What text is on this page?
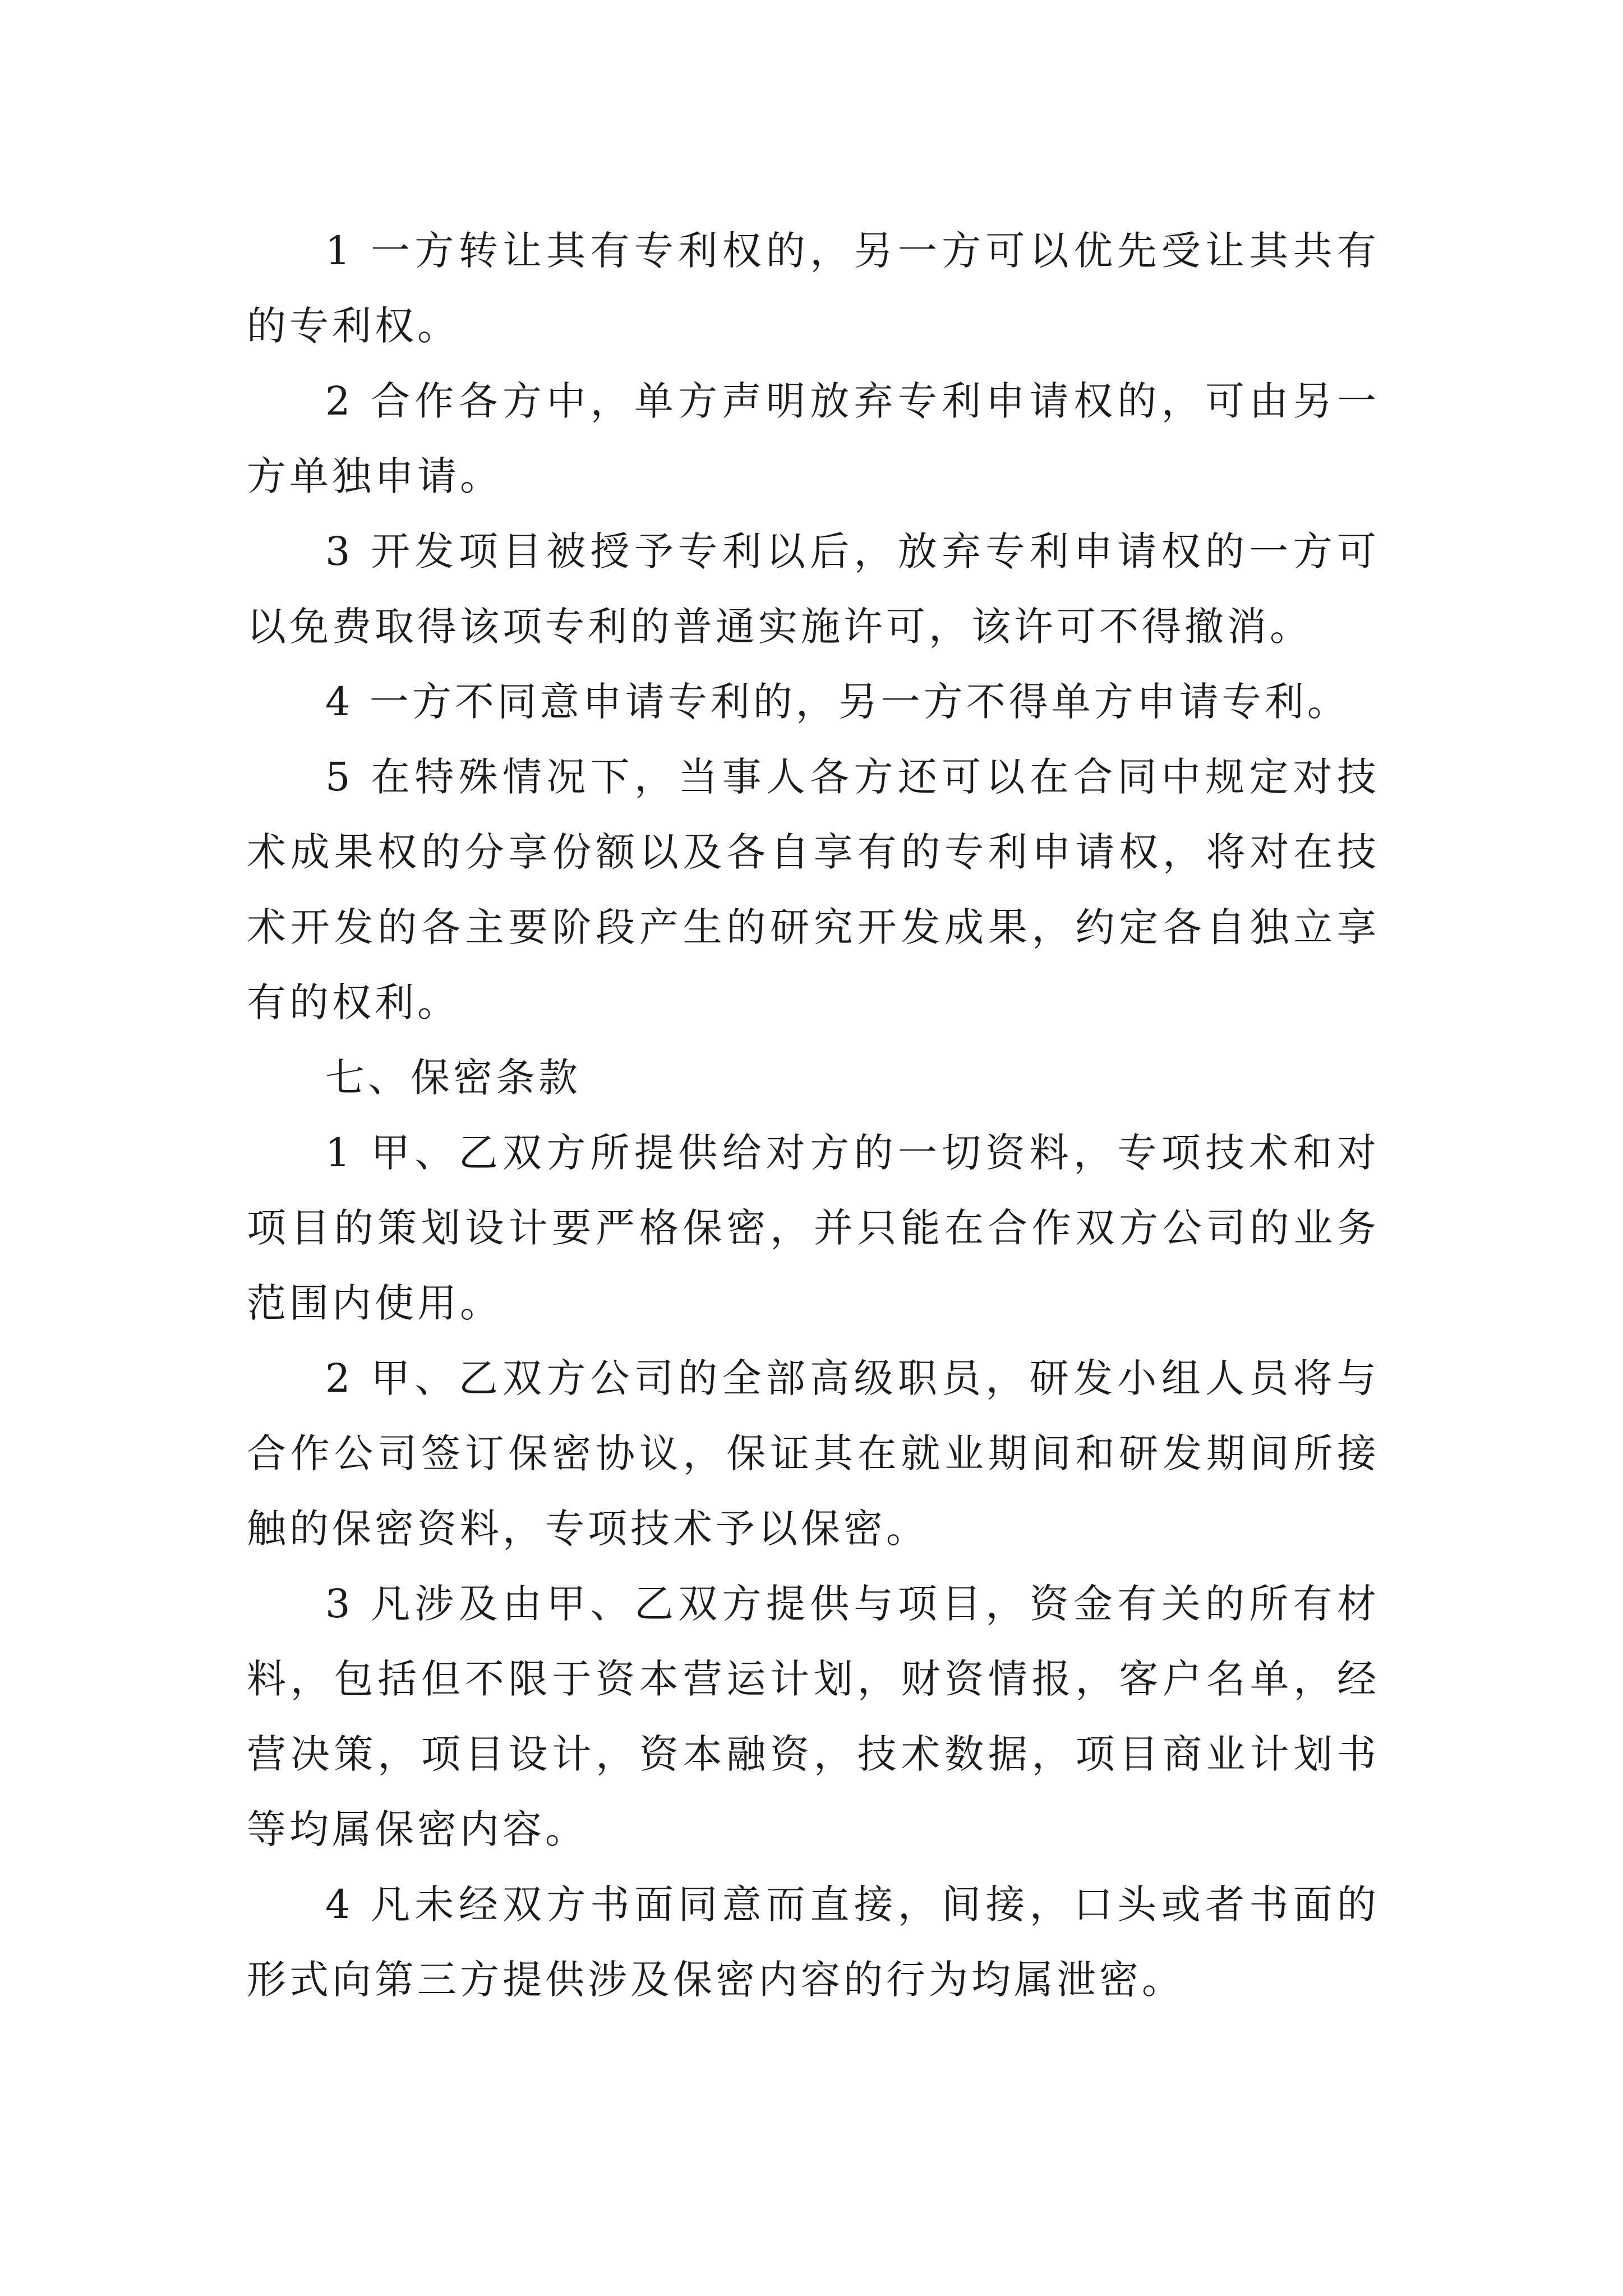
1 一方转让其有专利权的，另一方可以优先受让其共有的专利权。

2 合作各方中，单方声明放弃专利申请权的，可由另一方单独申请。

3 开发项目被授予专利以后，放弃专利申请权的一方可以免费取得该项专利的普通实施许可，该许可不得撤消。

4 一方不同意申请专利的，另一方不得单方申请专利。

5 在特殊情况下，当事人各方还可以在合同中规定对技术成果权的分享份额以及各自享有的专利申请权，将对在技术开发的各主要阶段产生的研究开发成果，约定各自独立享有的权利。

七、保密条款

1 甲、乙双方所提供给对方的一切资料，专项技术和对项目的策划设计要严格保密，并只能在合作双方公司的业务范围内使用。

2 甲、乙双方公司的全部高级职员，研发小组人员将与合作公司签订保密协议，保证其在就业期间和研发期间所接触的保密资料，专项技术予以保密。

3 凡涉及由甲、乙双方提供与项目，资金有关的所有材料，包括但不限于资本营运计划，财资情报，客户名单，经营决策，项目设计，资本融资，技术数据，项目商业计划书等均属保密内容。

4 凡未经双方书面同意而直接，间接，口头或者书面的形式向第三方提供涉及保密内容的行为均属泄密。
